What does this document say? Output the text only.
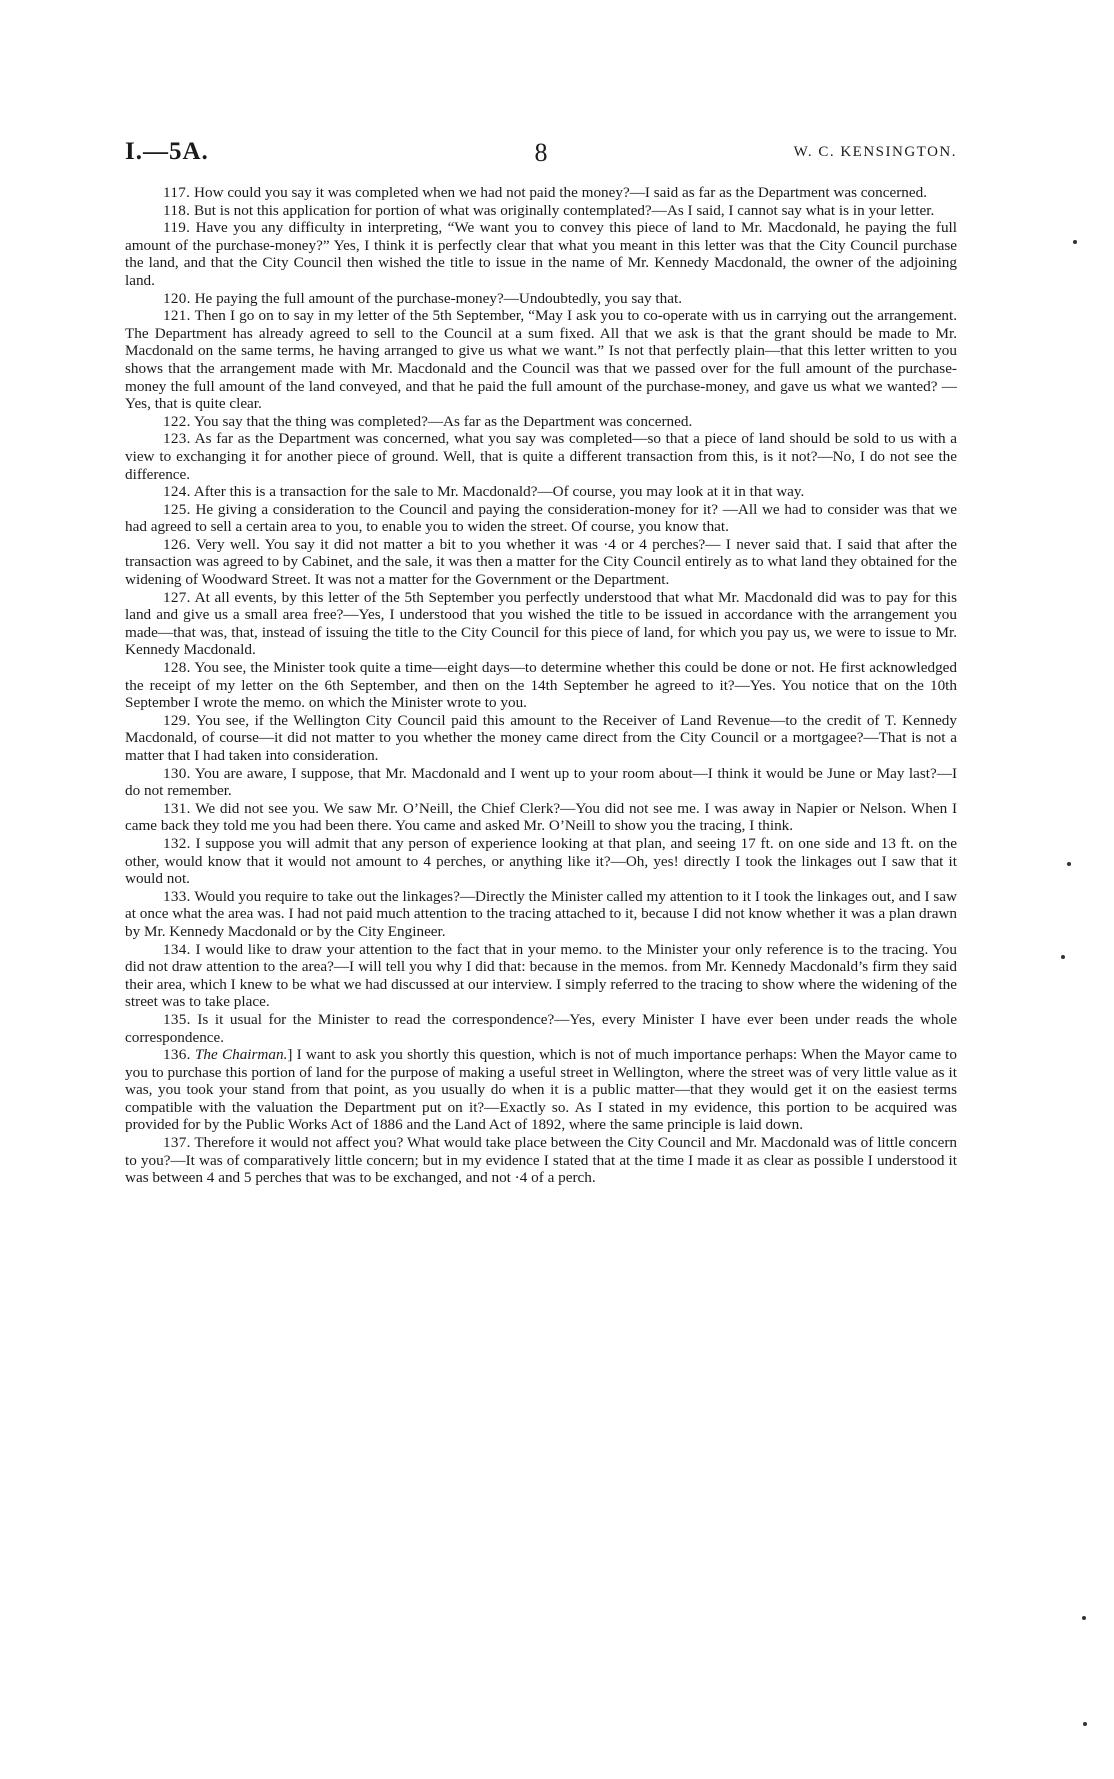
I.—5A.	8	W. C. KENSINGTON.

117. How could you say it was completed when we had not paid the money?—I said as far as the Department was concerned.

118. But is not this application for portion of what was originally contemplated?—As I said, I cannot say what is in your letter.

119. Have you any difficulty in interpreting, “We want you to convey this piece of land to Mr. Macdonald, he paying the full amount of the purchase-money?” Yes, I think it is perfectly clear that what you meant in this letter was that the City Council purchase the land, and that the City Council then wished the title to issue in the name of Mr. Kennedy Macdonald, the owner of the adjoining land.

120. He paying the full amount of the purchase-money?—Undoubtedly, you say that.

121. Then I go on to say in my letter of the 5th September, “May I ask you to co-operate with us in carrying out the arrangement. The Department has already agreed to sell to the Council at a sum fixed. All that we ask is that the grant should be made to Mr. Macdonald on the same terms, he having arranged to give us what we want.” Is not that perfectly plain—that this letter written to you shows that the arrangement made with Mr. Macdonald and the Council was that we passed over for the full amount of the purchase-money the full amount of the land conveyed, and that he paid the full amount of the purchase-money, and gave us what we wanted? —Yes, that is quite clear.

122. You say that the thing was completed?—As far as the Department was concerned.

123. As far as the Department was concerned, what you say was completed—so that a piece of land should be sold to us with a view to exchanging it for another piece of ground. Well, that is quite a different transaction from this, is it not?—No, I do not see the difference.

124. After this is a transaction for the sale to Mr. Macdonald?—Of course, you may look at it in that way.

125. He giving a consideration to the Council and paying the consideration-money for it? —All we had to consider was that we had agreed to sell a certain area to you, to enable you to widen the street. Of course, you know that.

126. Very well. You say it did not matter a bit to you whether it was ·4 or 4 perches?— I never said that. I said that after the transaction was agreed to by Cabinet, and the sale, it was then a matter for the City Council entirely as to what land they obtained for the widening of Woodward Street. It was not a matter for the Government or the Department.

127. At all events, by this letter of the 5th September you perfectly understood that what Mr. Macdonald did was to pay for this land and give us a small area free?—Yes, I understood that you wished the title to be issued in accordance with the arrangement you made—that was, that, instead of issuing the title to the City Council for this piece of land, for which you pay us, we were to issue to Mr. Kennedy Macdonald.

128. You see, the Minister took quite a time—eight days—to determine whether this could be done or not. He first acknowledged the receipt of my letter on the 6th September, and then on the 14th September he agreed to it?—Yes. You notice that on the 10th September I wrote the memo. on which the Minister wrote to you.

129. You see, if the Wellington City Council paid this amount to the Receiver of Land Revenue—to the credit of T. Kennedy Macdonald, of course—it did not matter to you whether the money came direct from the City Council or a mortgagee?—That is not a matter that I had taken into consideration.

130. You are aware, I suppose, that Mr. Macdonald and I went up to your room about—I think it would be June or May last?—I do not remember.

131. We did not see you. We saw Mr. O’Neill, the Chief Clerk?—You did not see me. I was away in Napier or Nelson. When I came back they told me you had been there. You came and asked Mr. O’Neill to show you the tracing, I think.

132. I suppose you will admit that any person of experience looking at that plan, and seeing 17 ft. on one side and 13 ft. on the other, would know that it would not amount to 4 perches, or anything like it?—Oh, yes! directly I took the linkages out I saw that it would not.

133. Would you require to take out the linkages?—Directly the Minister called my attention to it I took the linkages out, and I saw at once what the area was. I had not paid much attention to the tracing attached to it, because I did not know whether it was a plan drawn by Mr. Kennedy Macdonald or by the City Engineer.

134. I would like to draw your attention to the fact that in your memo. to the Minister your only reference is to the tracing. You did not draw attention to the area?—I will tell you why I did that: because in the memos. from Mr. Kennedy Macdonald’s firm they said their area, which I knew to be what we had discussed at our interview. I simply referred to the tracing to show where the widening of the street was to take place.

135. Is it usual for the Minister to read the correspondence?—Yes, every Minister I have ever been under reads the whole correspondence.

136. The Chairman.] I want to ask you shortly this question, which is not of much importance perhaps: When the Mayor came to you to purchase this portion of land for the purpose of making a useful street in Wellington, where the street was of very little value as it was, you took your stand from that point, as you usually do when it is a public matter—that they would get it on the easiest terms compatible with the valuation the Department put on it?—Exactly so. As I stated in my evidence, this portion to be acquired was provided for by the Public Works Act of 1886 and the Land Act of 1892, where the same principle is laid down.

137. Therefore it would not affect you? What would take place between the City Council and Mr. Macdonald was of little concern to you?—It was of comparatively little concern; but in my evidence I stated that at the time I made it as clear as possible I understood it was between 4 and 5 perches that was to be exchanged, and not ·4 of a perch.
